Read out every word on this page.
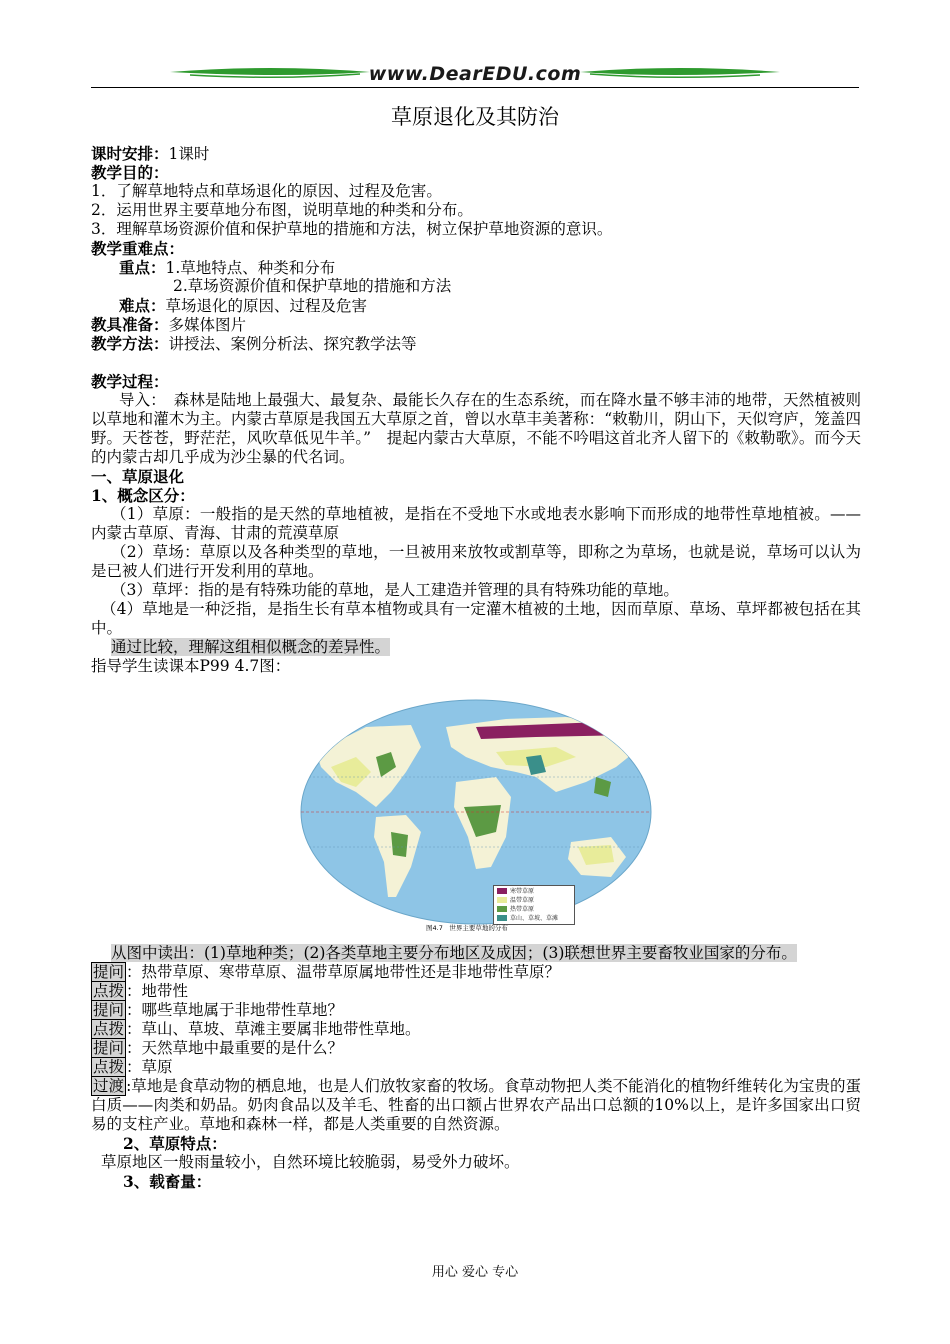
www.DearEDU.com
草原退化及其防治
课时安排：1课时
教学目的：
1．了解草地特点和草场退化的原因、过程及危害。
2．运用世界主要草地分布图，说明草地的种类和分布。
3．理解草场资源价值和保护草地的措施和方法，树立保护草地资源的意识。
教学重难点：
重点：1.草地特点、种类和分布
2.草场资源价值和保护草地的措施和方法
难点：草场退化的原因、过程及危害
教具准备：多媒体图片
教学方法：讲授法、案例分析法、探究教学法等
教学过程：
导入：　森林是陆地上最强大、最复杂、最能长久存在的生态系统，而在降水量不够丰沛的地带，天然植被则以草地和灌木为主。内蒙古草原是我国五大草原之首，曾以水草丰美著称：“敕勒川，阴山下，天似穹庐，笼盖四野。天苍苍，野茫茫，风吹草低见牛羊。”　提起内蒙古大草原，不能不吟唱这首北齐人留下的《敕勒歌》。而今天的内蒙古却几乎成为沙尘暴的代名词。
一、草原退化
1、概念区分：
（1）草原：一般指的是天然的草地植被，是指在不受地下水或地表水影响下而形成的地带性草地植被。——内蒙古草原、青海、甘肃的荒漠草原
（2）草场：草原以及各种类型的草地，一旦被用来放牧或割草等，即称之为草场，也就是说，草场可以认为是已被人们进行开发利用的草地。
（3）草坪：指的是有特殊功能的草地，是人工建造并管理的具有特殊功能的草地。
（4）草地是一种泛指，是指生长有草本植物或具有一定灌木植被的土地，因而草原、草场、草坪都被包括在其中。
通过比较，理解这组相似概念的差异性。
指导学生读课本P99 4.7图：
寒带草原
温带草原
热带草原
草山、草坡、草滩
图4.7　世界主要草地的分布
从图中读出：(1)草地种类；(2)各类草地主要分布地区及成因；(3)联想世界主要畜牧业国家的分布。
提问 ：热带草原、寒带草原、温带草原属地带性还是非地带性草原？
点拨 ：地带性
提问 ：哪些草地属于非地带性草地？
点拨 ：草山、草坡、草滩主要属非地带性草地。
提问 ：天然草地中最重要的是什么？
点拨 ：草原
过渡 :草地是食草动物的栖息地，也是人们放牧家畜的牧场。食草动物把人类不能消化的植物纤维转化为宝贵的蛋白质——肉类和奶品。奶肉食品以及羊毛、牲畜的出口额占世界农产品出口总额的10%以上，是许多国家出口贸易的支柱产业。草地和森林一样，都是人类重要的自然资源。
2、草原特点：
草原地区一般雨量较小，自然环境比较脆弱，易受外力破坏。
3、载畜量：
用心 爱心 专心
